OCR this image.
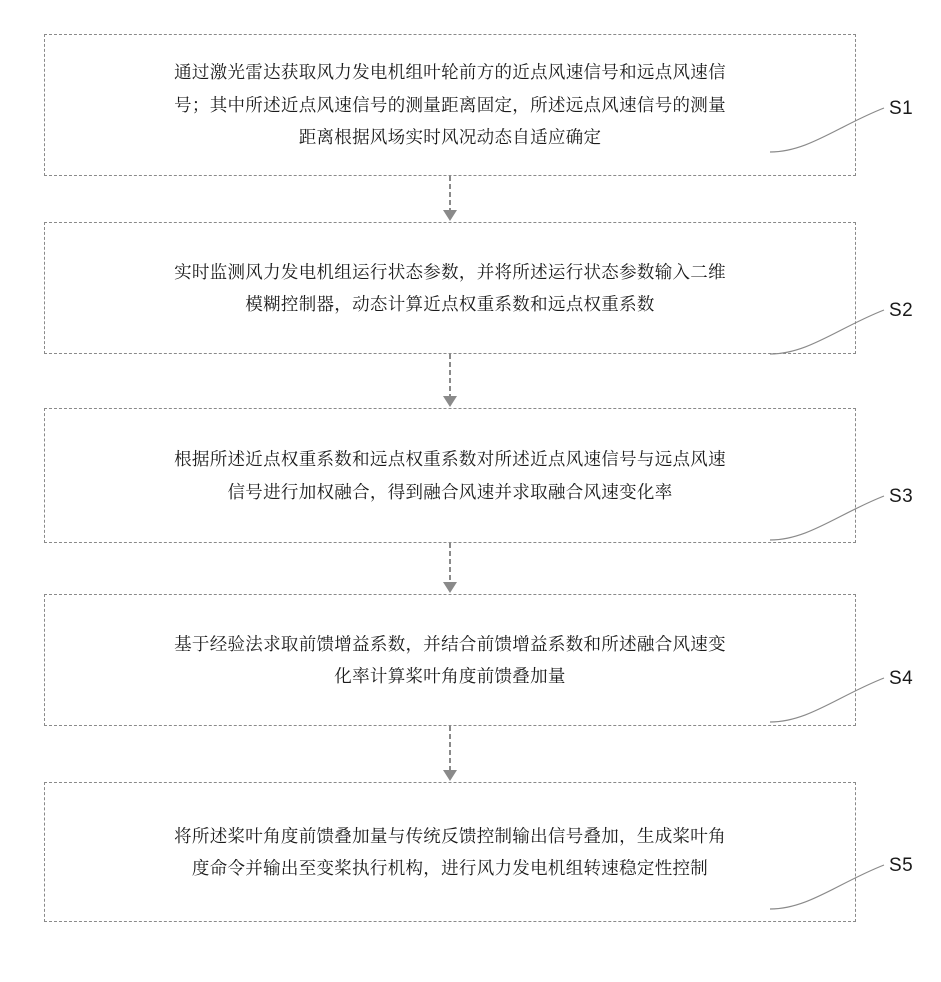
通过激光雷达获取风力发电机组叶轮前方的近点风速信号和远点风速信
号；其中所述近点风速信号的测量距离固定，所述远点风速信号的测量
距离根据风场实时风况动态自适应确定
实时监测风力发电机组运行状态参数，并将所述运行状态参数输入二维
模糊控制器，动态计算近点权重系数和远点权重系数
根据所述近点权重系数和远点权重系数对所述近点风速信号与远点风速
信号进行加权融合，得到融合风速并求取融合风速变化率
基于经验法求取前馈增益系数，并结合前馈增益系数和所述融合风速变
化率计算桨叶角度前馈叠加量
将所述桨叶角度前馈叠加量与传统反馈控制输出信号叠加，生成桨叶角
度命令并输出至变桨执行机构，进行风力发电机组转速稳定性控制
S1
S2
S3
S4
S5
